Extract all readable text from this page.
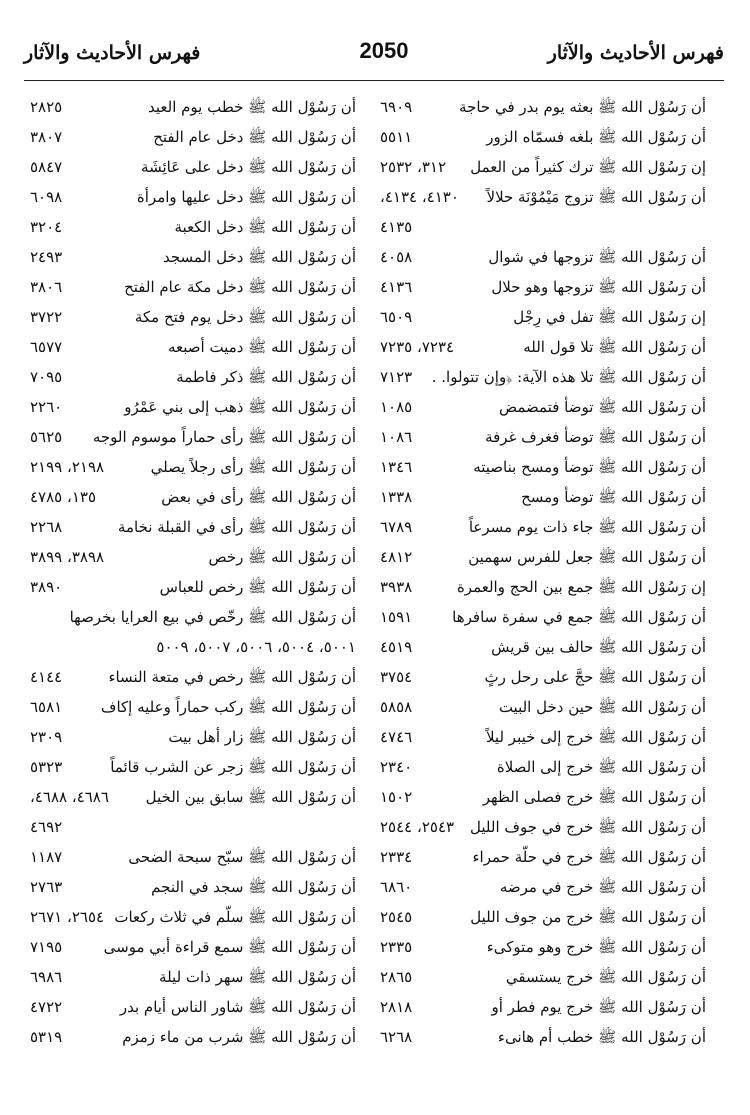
فهرس الأحاديث والآثار
2050
فهرس الأحاديث والآثار
أن رَسُوْل الله ﷺ بعثه يوم بدر في حاجة
٦٩٠٩
أن رَسُوْل الله ﷺ بلغه فسمّاه الزور
٥٥١١
إن رَسُوْل الله ﷺ ترك كثيراً من العمل
٣١٢، ٢٥٣٢
أن رَسُوْل الله ﷺ تزوج مَيْمُوْنَة حلالاً
٤١٣٠، ٤١٣٤،
٤١٣٥
أن رَسُوْل الله ﷺ تزوجها في شوال
٤٠٥٨
أن رَسُوْل الله ﷺ تزوجها وهو حلال
٤١٣٦
إن رَسُوْل الله ﷺ تفل في رِجْل
٦٥٠٩
أن رَسُوْل الله ﷺ تلا قول الله
٧٢٣٤، ٧٢٣٥
أن رَسُوْل الله ﷺ تلا هذه الآية: ﴿وإن تتولوا. .
٧١٢٣
أن رَسُوْل الله ﷺ توضأ فتمضمض
١٠٨٥
أن رَسُوْل الله ﷺ توضأ فغرف غرفة
١٠٨٦
أن رَسُوْل الله ﷺ توضأ ومسح بناصيته
١٣٤٦
أن رَسُوْل الله ﷺ توضأ ومسح
١٣٣٨
أن رَسُوْل الله ﷺ جاء ذات يوم مسرعاً
٦٧٨٩
أن رَسُوْل الله ﷺ جعل للفرس سهمين
٤٨١٢
إن رَسُوْل الله ﷺ جمع بين الحج والعمرة
٣٩٣٨
أن رَسُوْل الله ﷺ جمع في سفرة سافرها
١٥٩١
أن رَسُوْل الله ﷺ حالف بين قريش
٤٥١٩
أن رَسُوْل الله ﷺ حجَّ على رحل رثٍ
٣٧٥٤
أن رَسُوْل الله ﷺ حين دخل البيت
٥٨٥٨
أن رَسُوْل الله ﷺ خرج إلى خيبر ليلاً
٤٧٤٦
أن رَسُوْل الله ﷺ خرج إلى الصلاة
٢٣٤٠
أن رَسُوْل الله ﷺ خرج فصلى الظهر
١٥٠٢
أن رَسُوْل الله ﷺ خرج في جوف الليل
٢٥٤٣، ٢٥٤٤
أن رَسُوْل الله ﷺ خرج في حلّة حمراء
٢٣٣٤
أن رَسُوْل الله ﷺ خرج في مرضه
٦٨٦٠
أن رَسُوْل الله ﷺ خرج من جوف الليل
٢٥٤٥
أن رَسُوْل الله ﷺ خرج وهو متوكىء
٢٣٣٥
أن رَسُوْل الله ﷺ خرج يستسقي
٢٨٦٥
أن رَسُوْل الله ﷺ خرج يوم فطر أو
٢٨١٨
أن رَسُوْل الله ﷺ خطب أم هانىء
٦٢٦٨
أن رَسُوْل الله ﷺ خطب يوم العيد
٢٨٢٥
أن رَسُوْل الله ﷺ دخل عام الفتح
٣٨٠٧
أن رَسُوْل الله ﷺ دخل على عَائِشَة
٥٨٤٧
أن رَسُوْل الله ﷺ دخل عليها وامرأة
٦٠٩٨
أن رَسُوْل الله ﷺ دخل الكعبة
٣٢٠٤
أن رَسُوْل الله ﷺ دخل المسجد
٢٤٩٣
أن رَسُوْل الله ﷺ دخل مكة عام الفتح
٣٨٠٦
أن رَسُوْل الله ﷺ دخل يوم فتح مكة
٣٧٢٢
أن رَسُوْل الله ﷺ دميت أصبعه
٦٥٧٧
أن رَسُوْل الله ﷺ ذكر فاطمة
٧٠٩٥
أن رَسُوْل الله ﷺ ذهب إلى بني عَمْرُو
٢٢٦٠
أن رَسُوْل الله ﷺ رأى حماراً موسوم الوجه
٥٦٢٥
أن رَسُوْل الله ﷺ رأى رجلاً يصلي
٢١٩٨، ٢١٩٩
أن رَسُوْل الله ﷺ رأى في بعض
١٣٥، ٤٧٨٥
أن رَسُوْل الله ﷺ رأى في القبلة نخامة
٢٢٦٨
أن رَسُوْل الله ﷺ رخص
٣٨٩٨، ٣٨٩٩
أن رَسُوْل الله ﷺ رخص للعباس
٣٨٩٠
أن رَسُوْل الله ﷺ رخّص في بيع العرايا بخرصها
٥٠٠١، ٥٠٠٤، ٥٠٠٦، ٥٠٠٧، ٥٠٠٩
أن رَسُوْل الله ﷺ رخص في متعة النساء
٤١٤٤
أن رَسُوْل الله ﷺ ركب حماراً وعليه إكاف
٦٥٨١
أن رَسُوْل الله ﷺ زار أهل بيت
٢٣٠٩
أن رَسُوْل الله ﷺ زجر عن الشرب قائماً
٥٣٢٣
أن رَسُوْل الله ﷺ سابق بين الخيل
٤٦٨٦، ٤٦٨٨،
٤٦٩٢
أن رَسُوْل الله ﷺ سبّح سبحة الضحى
١١٨٧
أن رَسُوْل الله ﷺ سجد في النجم
٢٧٦٣
أن رَسُوْل الله ﷺ سلّم في ثلاث ركعات
٢٦٥٤، ٢٦٧١
أن رَسُوْل الله ﷺ سمع قراءة أبي موسى
٧١٩٥
أن رَسُوْل الله ﷺ سهر ذات ليلة
٦٩٨٦
أن رَسُوْل الله ﷺ شاور الناس أيام بدر
٤٧٢٢
أن رَسُوْل الله ﷺ شرب من ماء زمزم
٥٣١٩
